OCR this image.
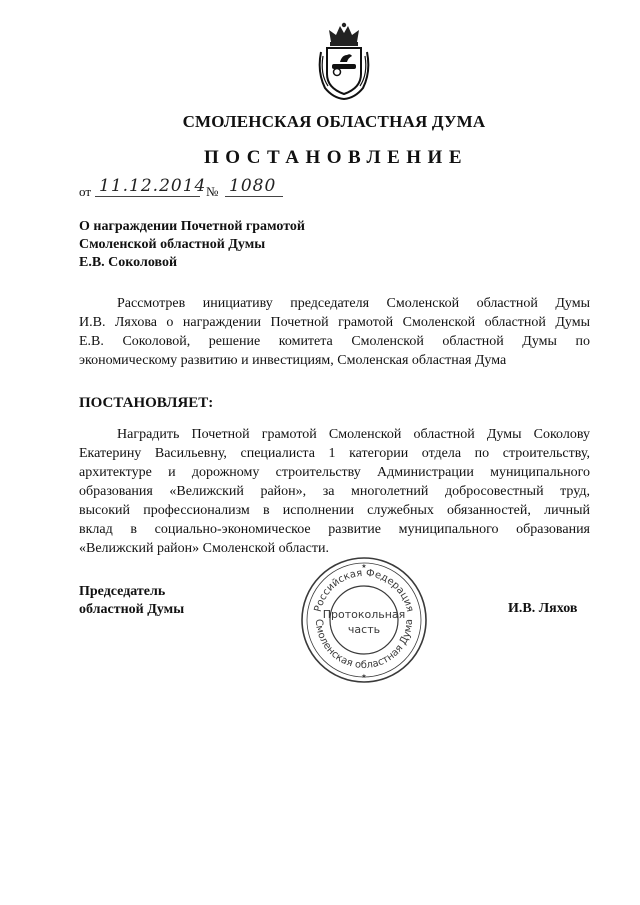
СМОЛЕНСКАЯ ОБЛАСТНАЯ ДУМА
ПОСТАНОВЛЕНИЕ
от 11.12.2014 № 1080
О награждении Почетной грамотой
Смоленской областной Думы
Е.В. Соколовой
Рассмотрев инициативу председателя Смоленской областной Думы
И.В. Ляхова о награждении Почетной грамотой Смоленской областной Думы
Е.В. Соколовой, решение комитета Смоленской областной Думы по
экономическому развитию и инвестициям, Смоленская областная Дума
ПОСТАНОВЛЯЕТ:
Наградить Почетной грамотой Смоленской областной Думы Соколову
Екатерину Васильевну, специалиста 1 категории отдела по строительству,
архитектуре и дорожному строительству Администрации муниципального
образования «Велижский район», за многолетний добросовестный труд,
высокий профессионализм в исполнении служебных обязанностей, личный
вклад в социально-экономическое развитие муниципального образования
«Велижский район» Смоленской области.
Председатель
областной Думы	И.В. Ляхов
Российская Федерация
Смоленская областная Дума
Протокольная
часть
★
★
